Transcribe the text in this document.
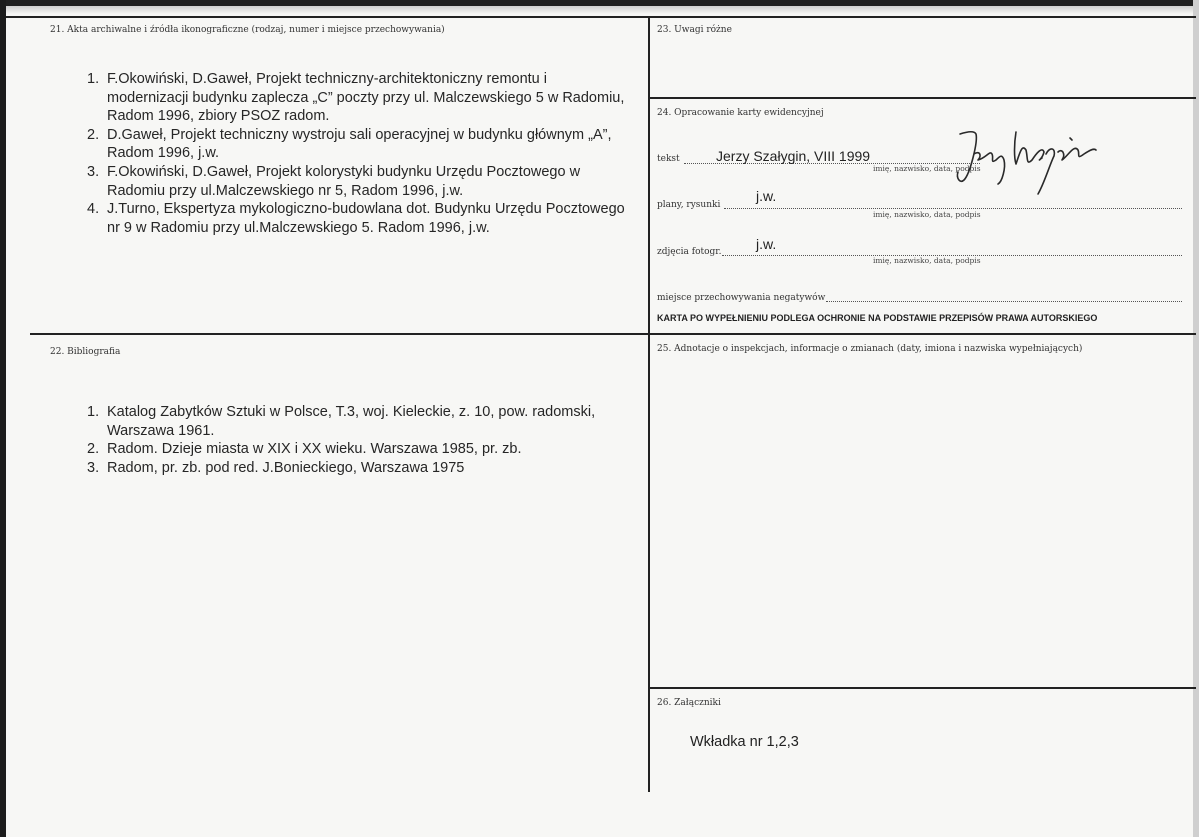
21. Akta archiwalne i źródła ikonograficzne (rodzaj, numer i miejsce przechowywania)
1. F.Okowiński, D.Gaweł, Projekt techniczny-architektoniczny remontu i modernizacji budynku zaplecza „C” poczty przy ul. Malczewskiego 5 w Radomiu, Radom 1996, zbiory PSOZ radom.
2. D.Gaweł, Projekt techniczny wystroju sali operacyjnej w budynku głównym „A”, Radom 1996, j.w.
3. F.Okowiński, D.Gaweł, Projekt kolorystyki budynku Urzędu Pocztowego w Radomiu przy ul.Malczewskiego nr 5, Radom 1996, j.w.
4. J.Turno, Ekspertyza mykologiczno-budowlana dot. Budynku Urzędu Pocztowego nr 9 w Radomiu przy ul.Malczewskiego 5. Radom 1996, j.w.
22. Bibliografia
1. Katalog Zabytków Sztuki w Polsce, T.3, woj. Kieleckie, z. 10, pow. radomski, Warszawa 1961.
2. Radom. Dzieje miasta w XIX i XX wieku. Warszawa 1985, pr. zb.
3. Radom, pr. zb. pod red. J.Bonieckiego, Warszawa 1975
23. Uwagi różne
24. Opracowanie karty ewidencyjnej
tekst	Jerzy Szałygin, VIII 1999
imię, nazwisko, data, podpis
plany, rysunki
j.w.
imię, nazwisko, data, podpis
zdjęcia fotogr. j.w.
imię, nazwisko, data, podpis
miejsce przechowywania negatywów
KARTA PO WYPEŁNIENIU PODLEGA OCHRONIE NA PODSTAWIE PRZEPISÓW PRAWA AUTORSKIEGO
25. Adnotacje o inspekcjach, informacje o zmianach (daty, imiona i nazwiska wypełniających)
26. Załączniki
Wkładka nr 1,2,3
